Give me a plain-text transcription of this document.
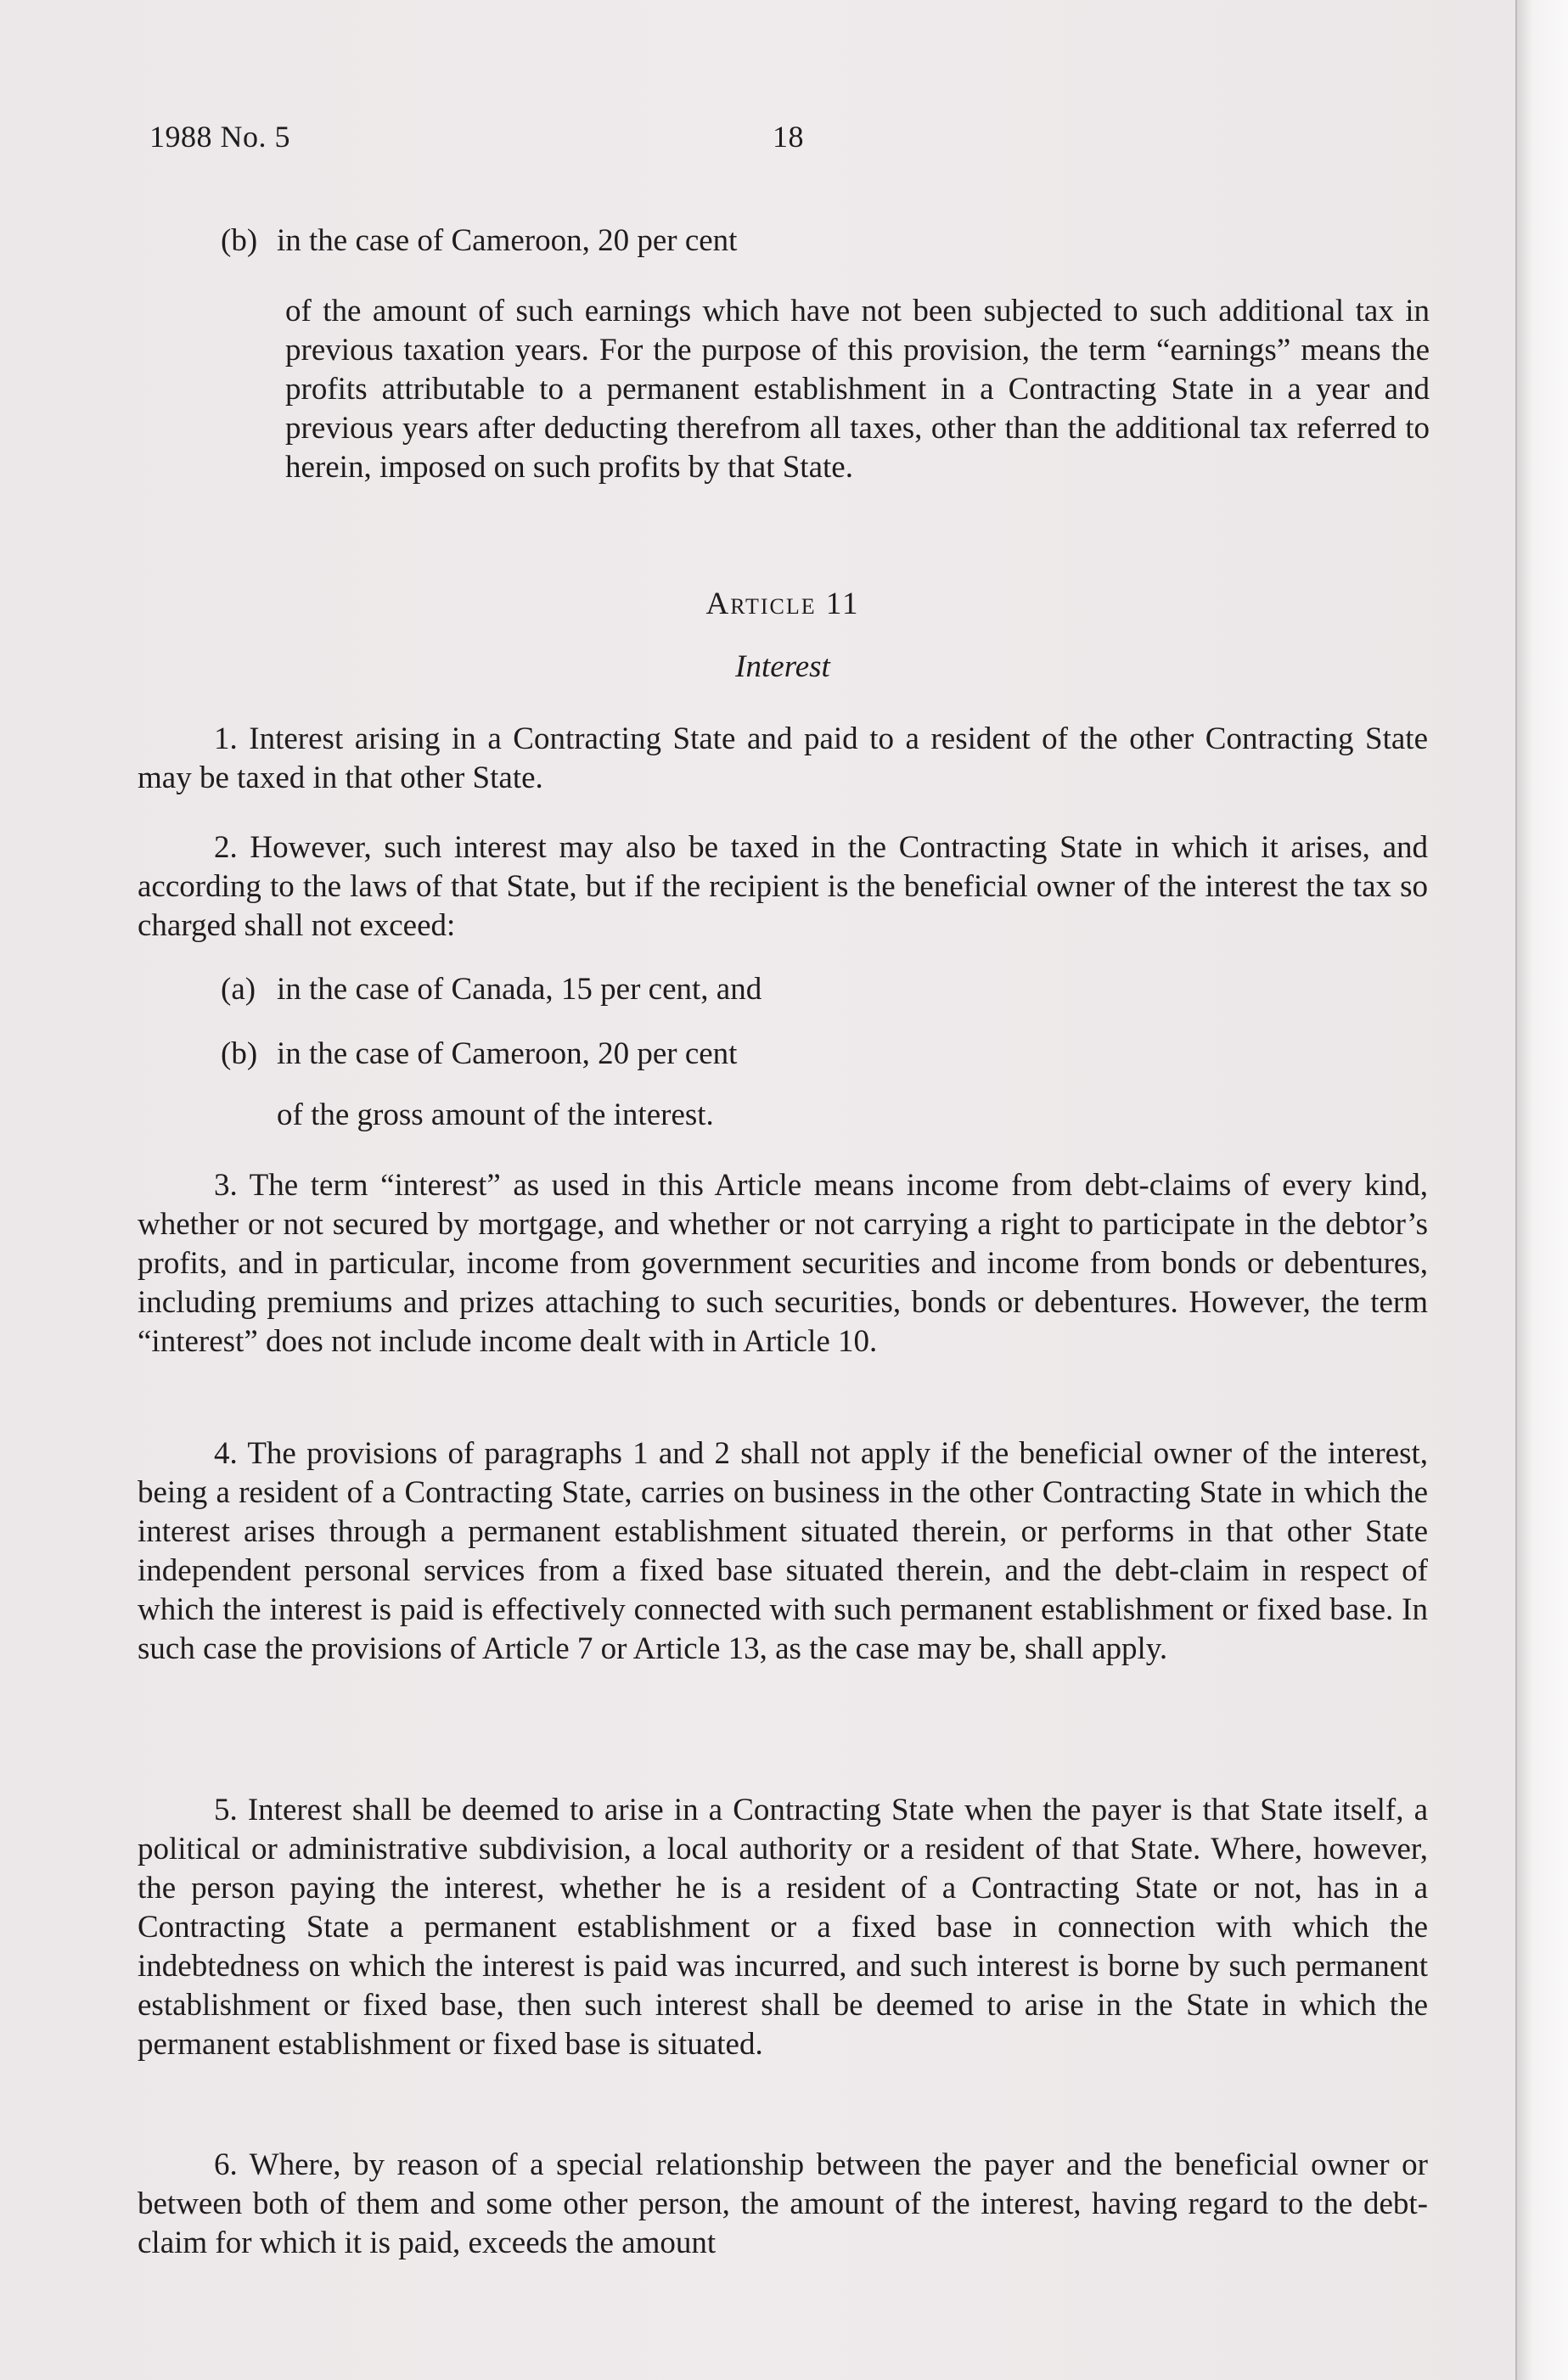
1988 No. 5	18
(b) in the case of Cameroon, 20 per cent

of the amount of such earnings which have not been subjected to such additional tax in previous taxation years. For the purpose of this provision, the term “earnings” means the profits attributable to a permanent establishment in a Contracting State in a year and previous years after deducting therefrom all taxes, other than the additional tax referred to herein, imposed on such profits by that State.

Article 11
Interest

1. Interest arising in a Contracting State and paid to a resident of the other Contracting State may be taxed in that other State.

2. However, such interest may also be taxed in the Contracting State in which it arises, and according to the laws of that State, but if the recipient is the beneficial owner of the interest the tax so charged shall not exceed:

(a) in the case of Canada, 15 per cent, and
(b) in the case of Cameroon, 20 per cent
of the gross amount of the interest.

3. The term “interest” as used in this Article means income from debt-claims of every kind, whether or not secured by mortgage, and whether or not carrying a right to participate in the debtor’s profits, and in particular, income from government securities and income from bonds or debentures, including premiums and prizes attaching to such securities, bonds or debentures. However, the term “interest” does not include income dealt with in Article 10.

4. The provisions of paragraphs 1 and 2 shall not apply if the beneficial owner of the interest, being a resident of a Contracting State, carries on business in the other Contracting State in which the interest arises through a permanent establishment situated therein, or performs in that other State independent personal services from a fixed base situated therein, and the debt-claim in respect of which the interest is paid is effectively connected with such permanent establishment or fixed base. In such case the provisions of Article 7 or Article 13, as the case may be, shall apply.

5. Interest shall be deemed to arise in a Contracting State when the payer is that State itself, a political or administrative subdivision, a local authority or a resident of that State. Where, however, the person paying the interest, whether he is a resident of a Contracting State or not, has in a Contracting State a permanent establishment or a fixed base in connection with which the indebtedness on which the interest is paid was incurred, and such interest is borne by such permanent establishment or fixed base, then such interest shall be deemed to arise in the State in which the permanent establishment or fixed base is situated.

6. Where, by reason of a special relationship between the payer and the beneficial owner or between both of them and some other person, the amount of the interest, having regard to the debt-claim for which it is paid, exceeds the amount
